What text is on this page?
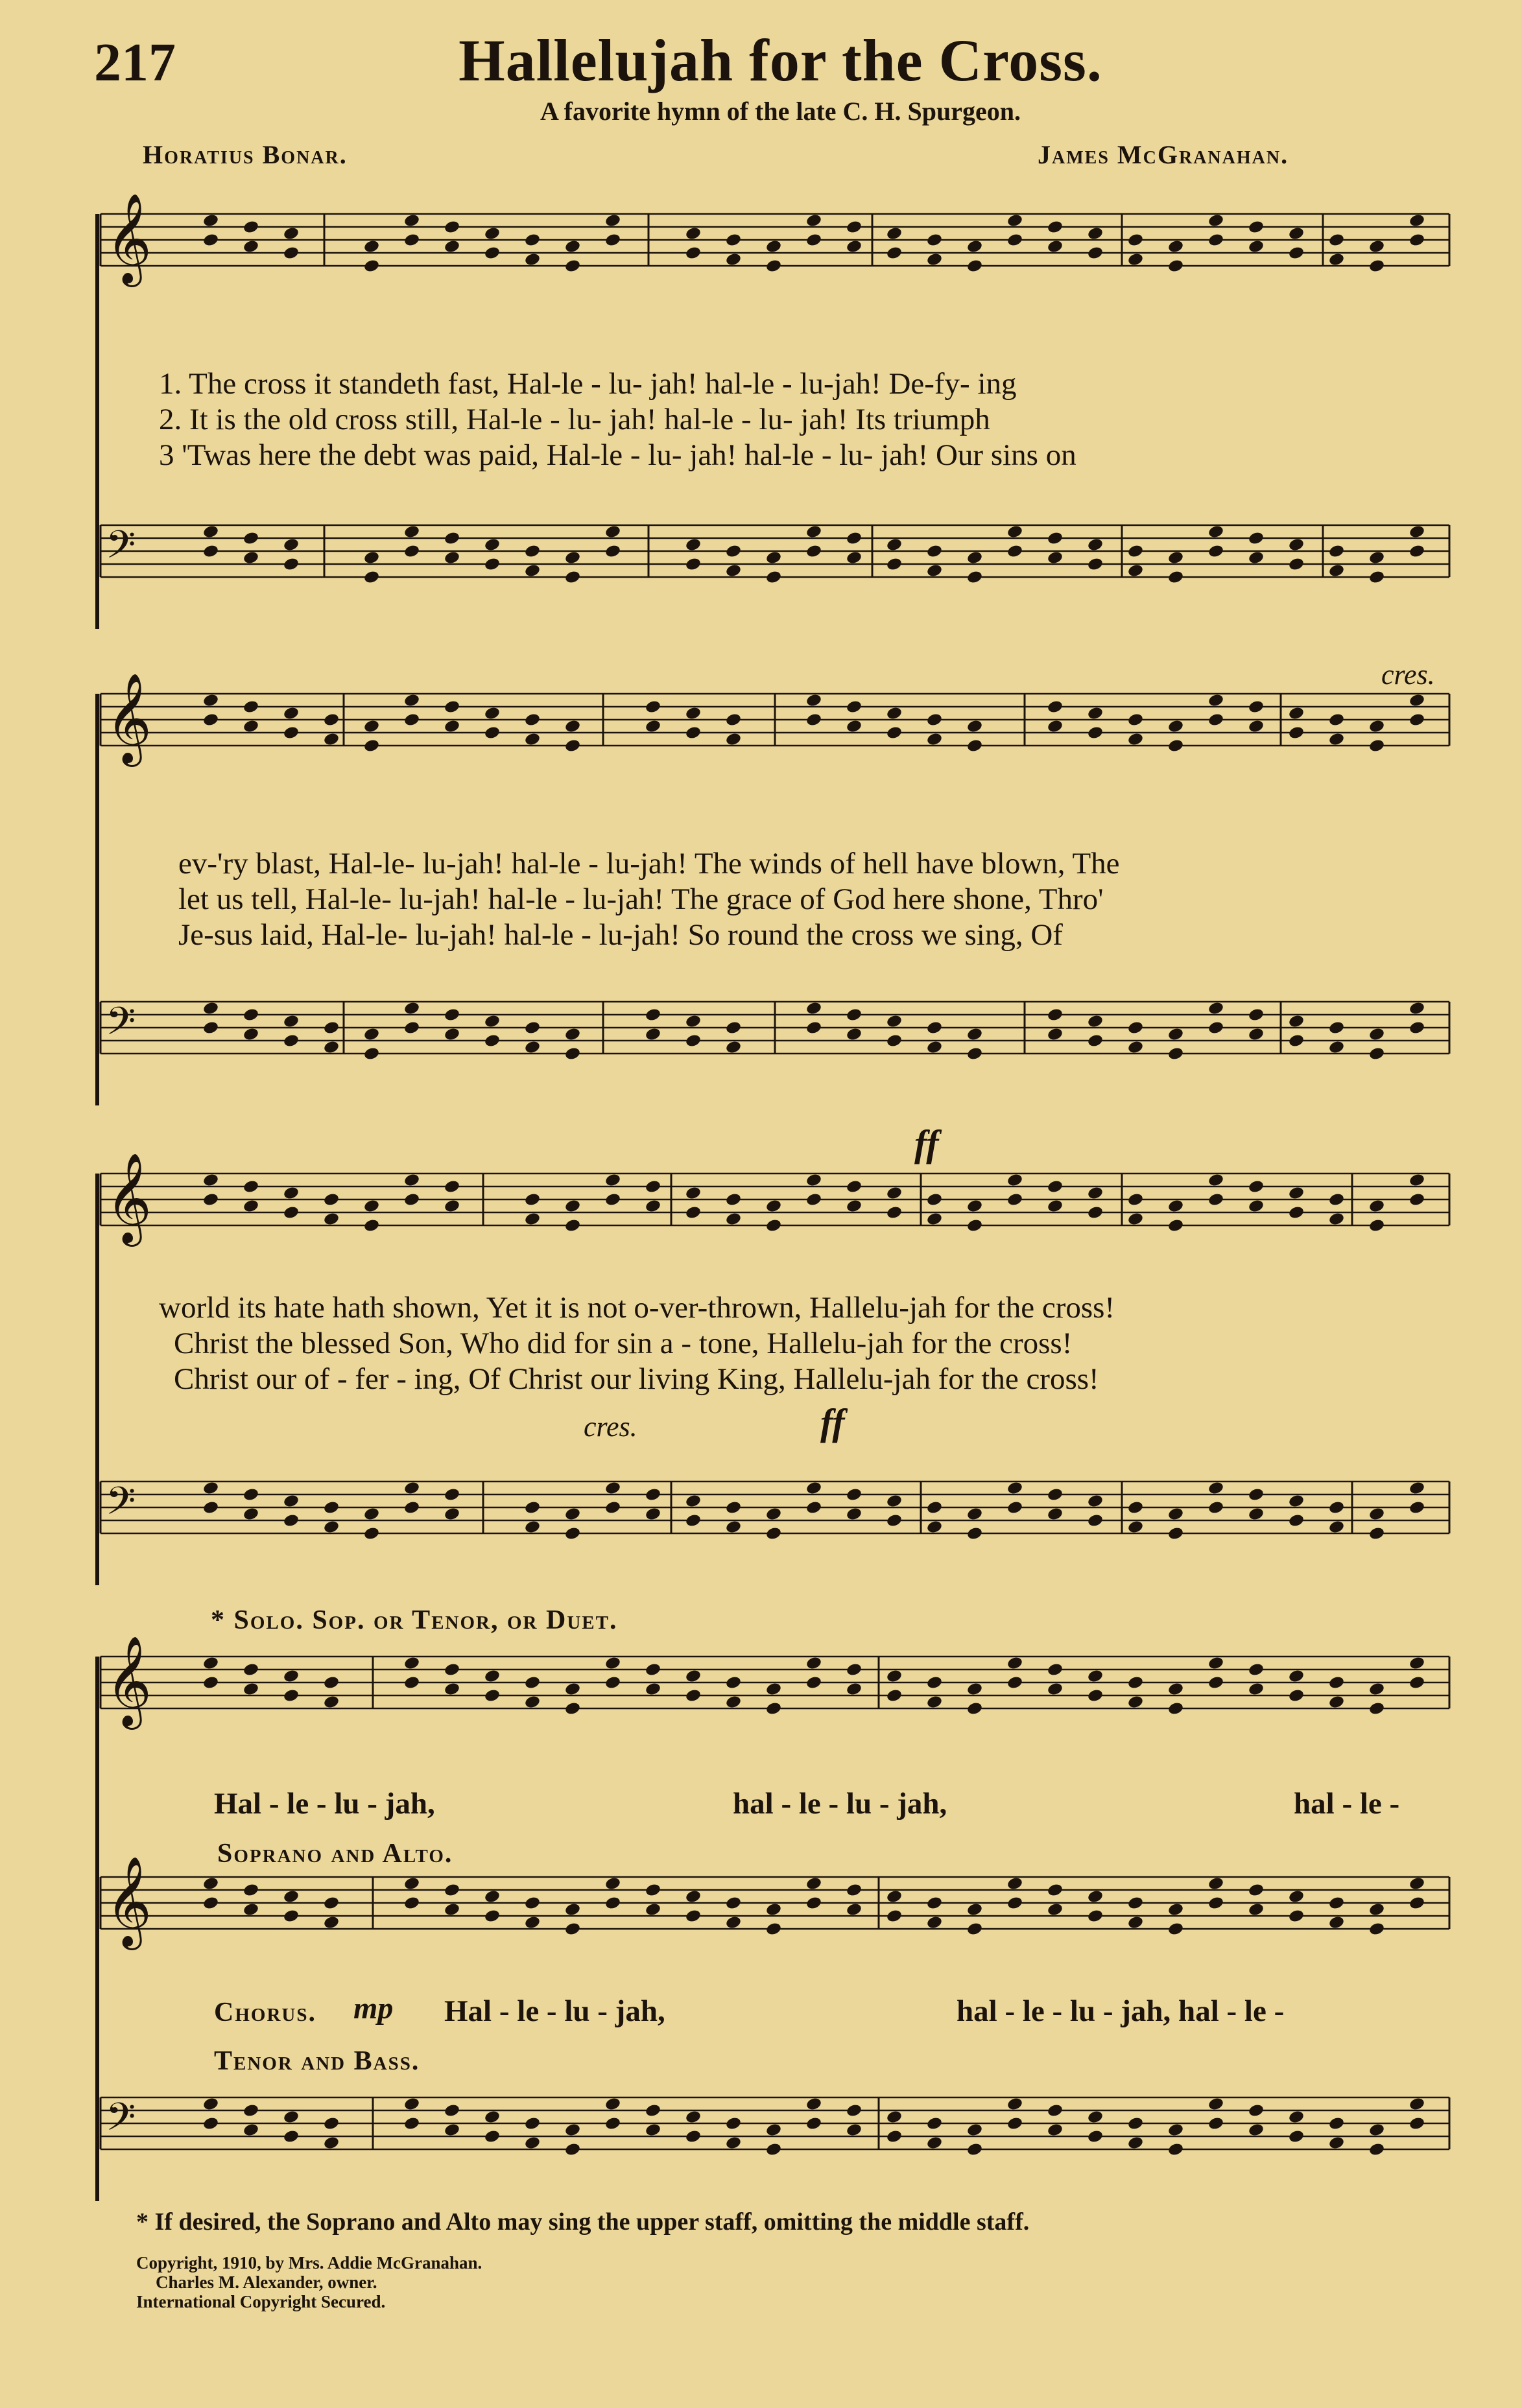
217	Hallelujah for the Cross.
A favorite hymn of the late C. H. Spurgeon.
Horatius Bonar.	James McGranahan.
𝄞
𝄢
𝄞
𝄢
𝄞
𝄢
𝄞
𝄞
𝄢
1. The cross it standeth fast, Hal-le - lu- jah! hal-le - lu-jah! De-fy- ing
2. It is the old cross still, Hal-le - lu- jah! hal-le - lu- jah! Its triumph
3 'Twas here the debt was paid, Hal-le - lu- jah! hal-le - lu- jah! Our sins on
cres.
ev-'ry blast, Hal-le- lu-jah! hal-le - lu-jah! The winds of hell have blown, The
let us tell, Hal-le- lu-jah! hal-le - lu-jah! The grace of God here shone, Thro'
Je-sus laid, Hal-le- lu-jah! hal-le - lu-jah! So round the cross we sing, Of
ff
world its hate hath shown, Yet it is not o-ver-thrown, Hallelu-jah for the cross!
Christ the blessed Son, Who did for sin a - tone, Hallelu-jah for the cross!
Christ our of - fer - ing, Of Christ our living King, Hallelu-jah for the cross!
cres.	ff
* Solo. Sop. or Tenor, or Duet.
Hal - le - lu - jah,	hal - le - lu - jah,	hal - le -
Soprano and Alto.
Chorus. mp Hal - le - lu - jah,	hal - le - lu - jah, hal - le -
Tenor and Bass.
* If desired, the Soprano and Alto may sing the upper staff, omitting the middle staff.
Copyright, 1910, by Mrs. Addie McGranahan.
Charles M. Alexander, owner.
International Copyright Secured.
